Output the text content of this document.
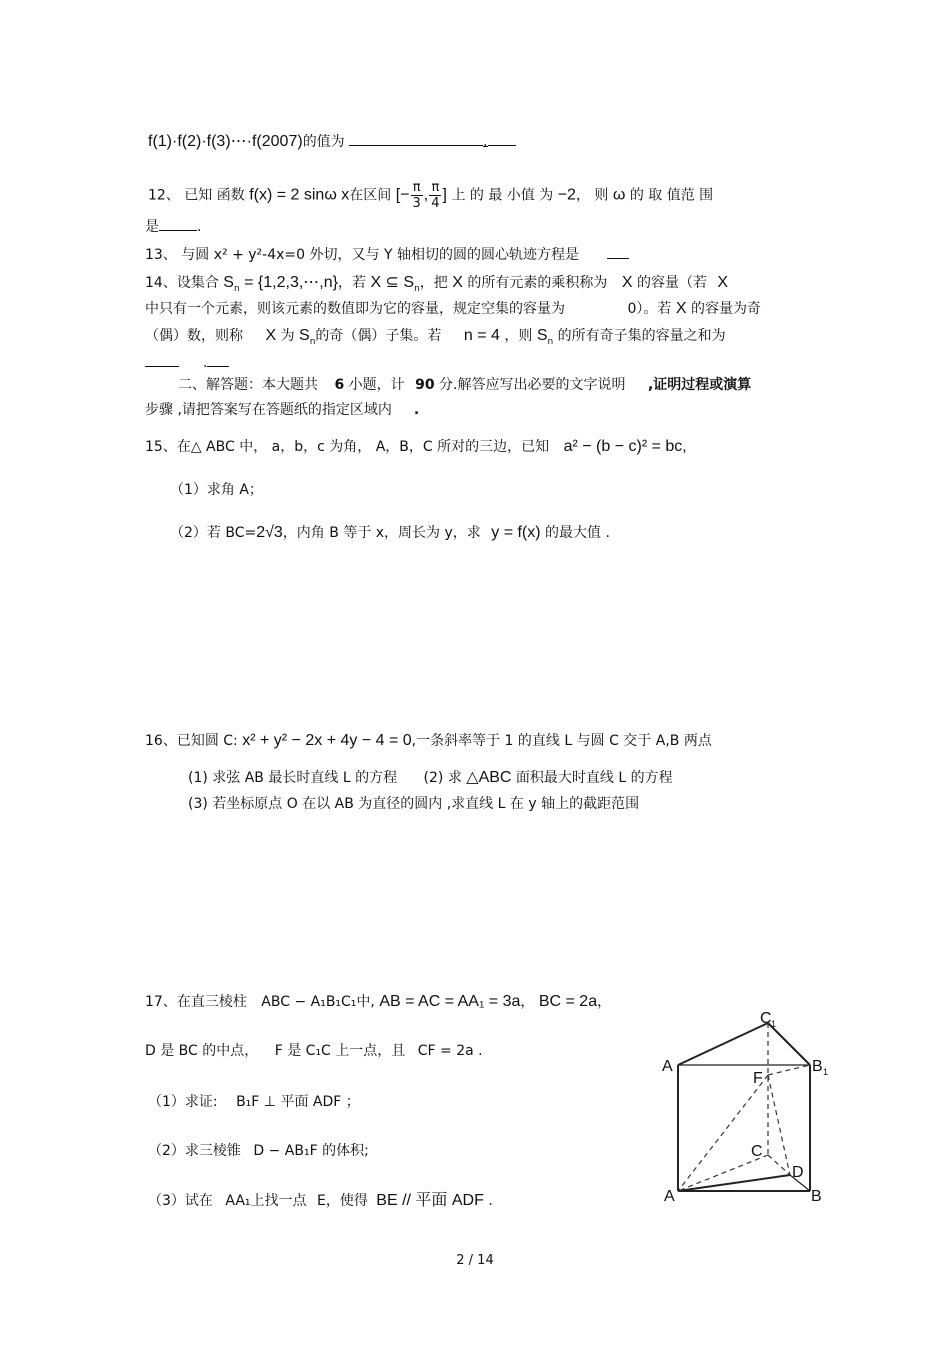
f(1)·f(2)·f(3)⋯·f(2007)的值为	.
12、 已知 函数 f(x) = 2 sinω x在区间 [− $\frac{\pi}{3}$ , $\frac{\pi}{4}$ ] 上 的 最 小值 为 −2， 则 ω 的 取 值范 围
是	.
13、 与圆 x² + y²-4x=0 外切，又与 Y 轴相切的圆的圆心轨迹方程是
14、设集合 $S_n$ = {1,2,3,⋯,n}，若 X ⊆ $S_n$，把 X 的所有元素的乘积称为 X 的容量（若 X
中只有一个元素，则该元素的数值即为它的容量，规定空集的容量为	0）。若 X 的容量为奇
（偶）数，则称 X 为 $S_n$的奇（偶）子集。若 n = 4 ，则 $S_n$ 的所有奇子集的容量之和为
.
二、解答题：本大题共 6 小题，计 90 分.解答应写出必要的文字说明 ,证明过程或演算
步骤 ,请把答案写在答题纸的指定区域内 .
15、在△ ABC 中， a，b，c 为角， A，B，C 所对的三边，已知 a² − (b − c)² = bc,
（1）求角 A；
（2）若 BC=2√3，内角 B 等于 x，周长为 y，求 y = f(x) 的最大值 .
16、已知圆 C: x² + y² − 2x + 4y − 4 = 0,一条斜率等于 1 的直线 L 与圆 C 交于 A,B 两点
(1) 求弦 AB 最长时直线 L 的方程 (2) 求 △ABC 面积最大时直线 L 的方程
(3) 若坐标原点 O 在以 AB 为直径的圆内 ,求直线 L 在 y 轴上的截距范围
17、在直三棱柱 ABC − A₁B₁C₁中, AB = AC = AA₁ = 3a， BC = 2a，
D 是 BC 的中点， F 是 C₁C 上一点，且 CF = 2a .
（1）求证: B₁F ⊥ 平面 ADF ；
（2）求三棱锥 D − AB₁F 的体积;
（3）试在 AA₁上找一点 E，使得 BE // 平面 ADF .
C 1
A	B 1
F
C
D
A	B
2 / 14
